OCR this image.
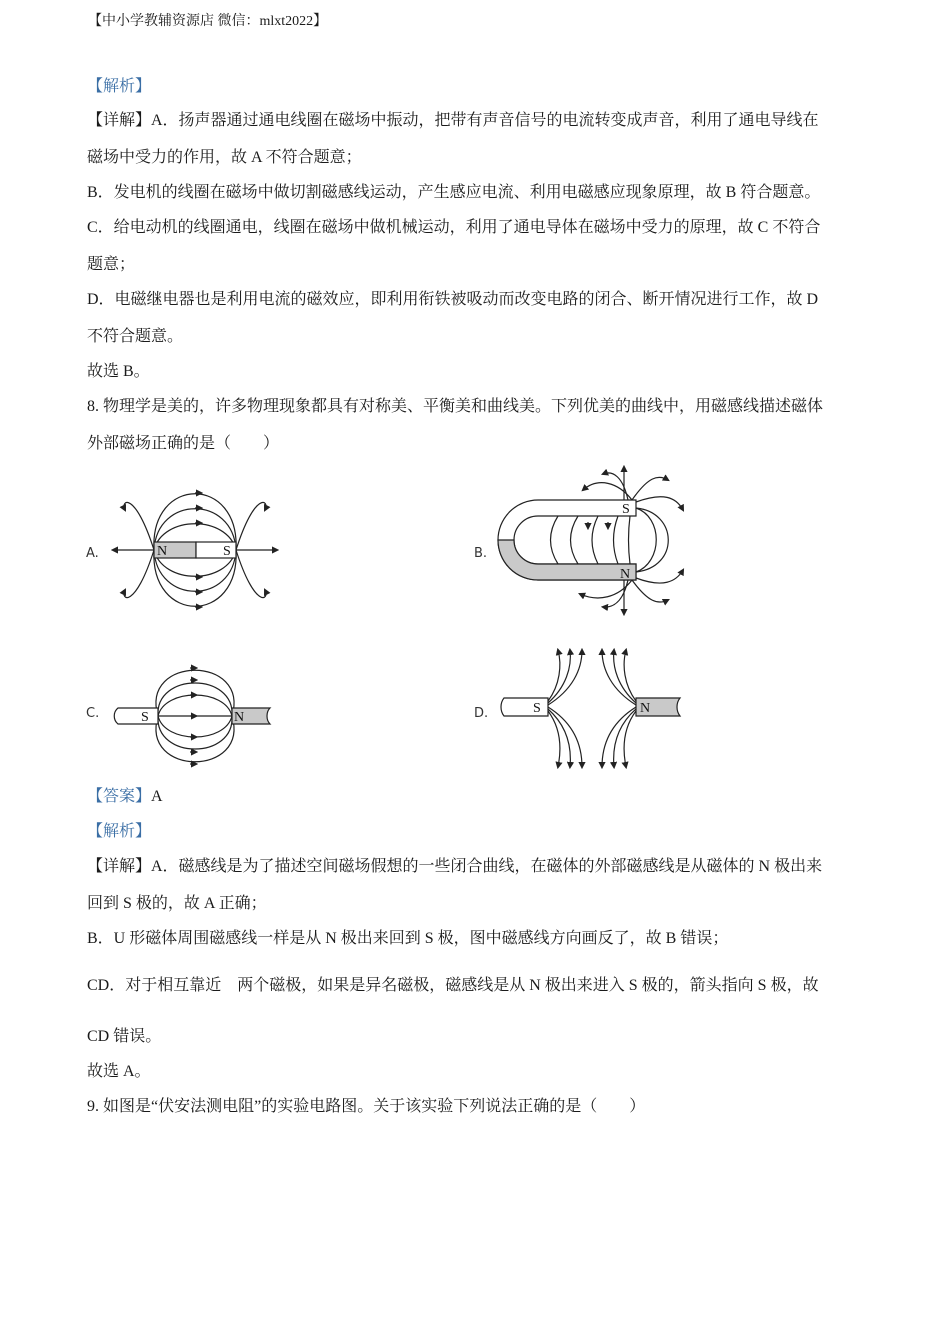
【中小学教辅资源店 微信：mlxt2022】
【解析】
【详解】A．扬声器通过通电线圈在磁场中振动，把带有声音信号的电流转变成声音，利用了通电导线在
磁场中受力的作用，故 A 不符合题意；
B．发电机的线圈在磁场中做切割磁感线运动，产生感应电流、利用电磁感应现象原理，故 B 符合题意。
C．给电动机的线圈通电，线圈在磁场中做机械运动，利用了通电导体在磁场中受力的原理，故 C 不符合
题意；
D．电磁继电器也是利用电流的磁效应，即利用衔铁被吸动而改变电路的闭合、断开情况进行工作，故 D
不符合题意。
故选 B。
8. 物理学是美的，许多物理现象都具有对称美、平衡美和曲线美。下列优美的曲线中，用磁感线描述磁体
外部磁场正确的是（　　）
A.	N	S	B.
S
N
C.	S	N	D.	S	N
【答案】A
【解析】
【详解】A．磁感线是为了描述空间磁场假想的一些闭合曲线，在磁体的外部磁感线是从磁体的 N 极出来
回到 S 极的，故 A 正确；
B．U 形磁体周围磁感线一样是从 N 极出来回到 S 极，图中磁感线方向画反了，故 B 错误；
CD．对于相互靠近　两个磁极，如果是异名磁极，磁感线是从 N 极出来进入 S 极的，箭头指向 S 极，故
CD 错误。
故选 A。
9. 如图是“伏安法测电阻”的实验电路图。关于该实验下列说法正确的是（　　）
